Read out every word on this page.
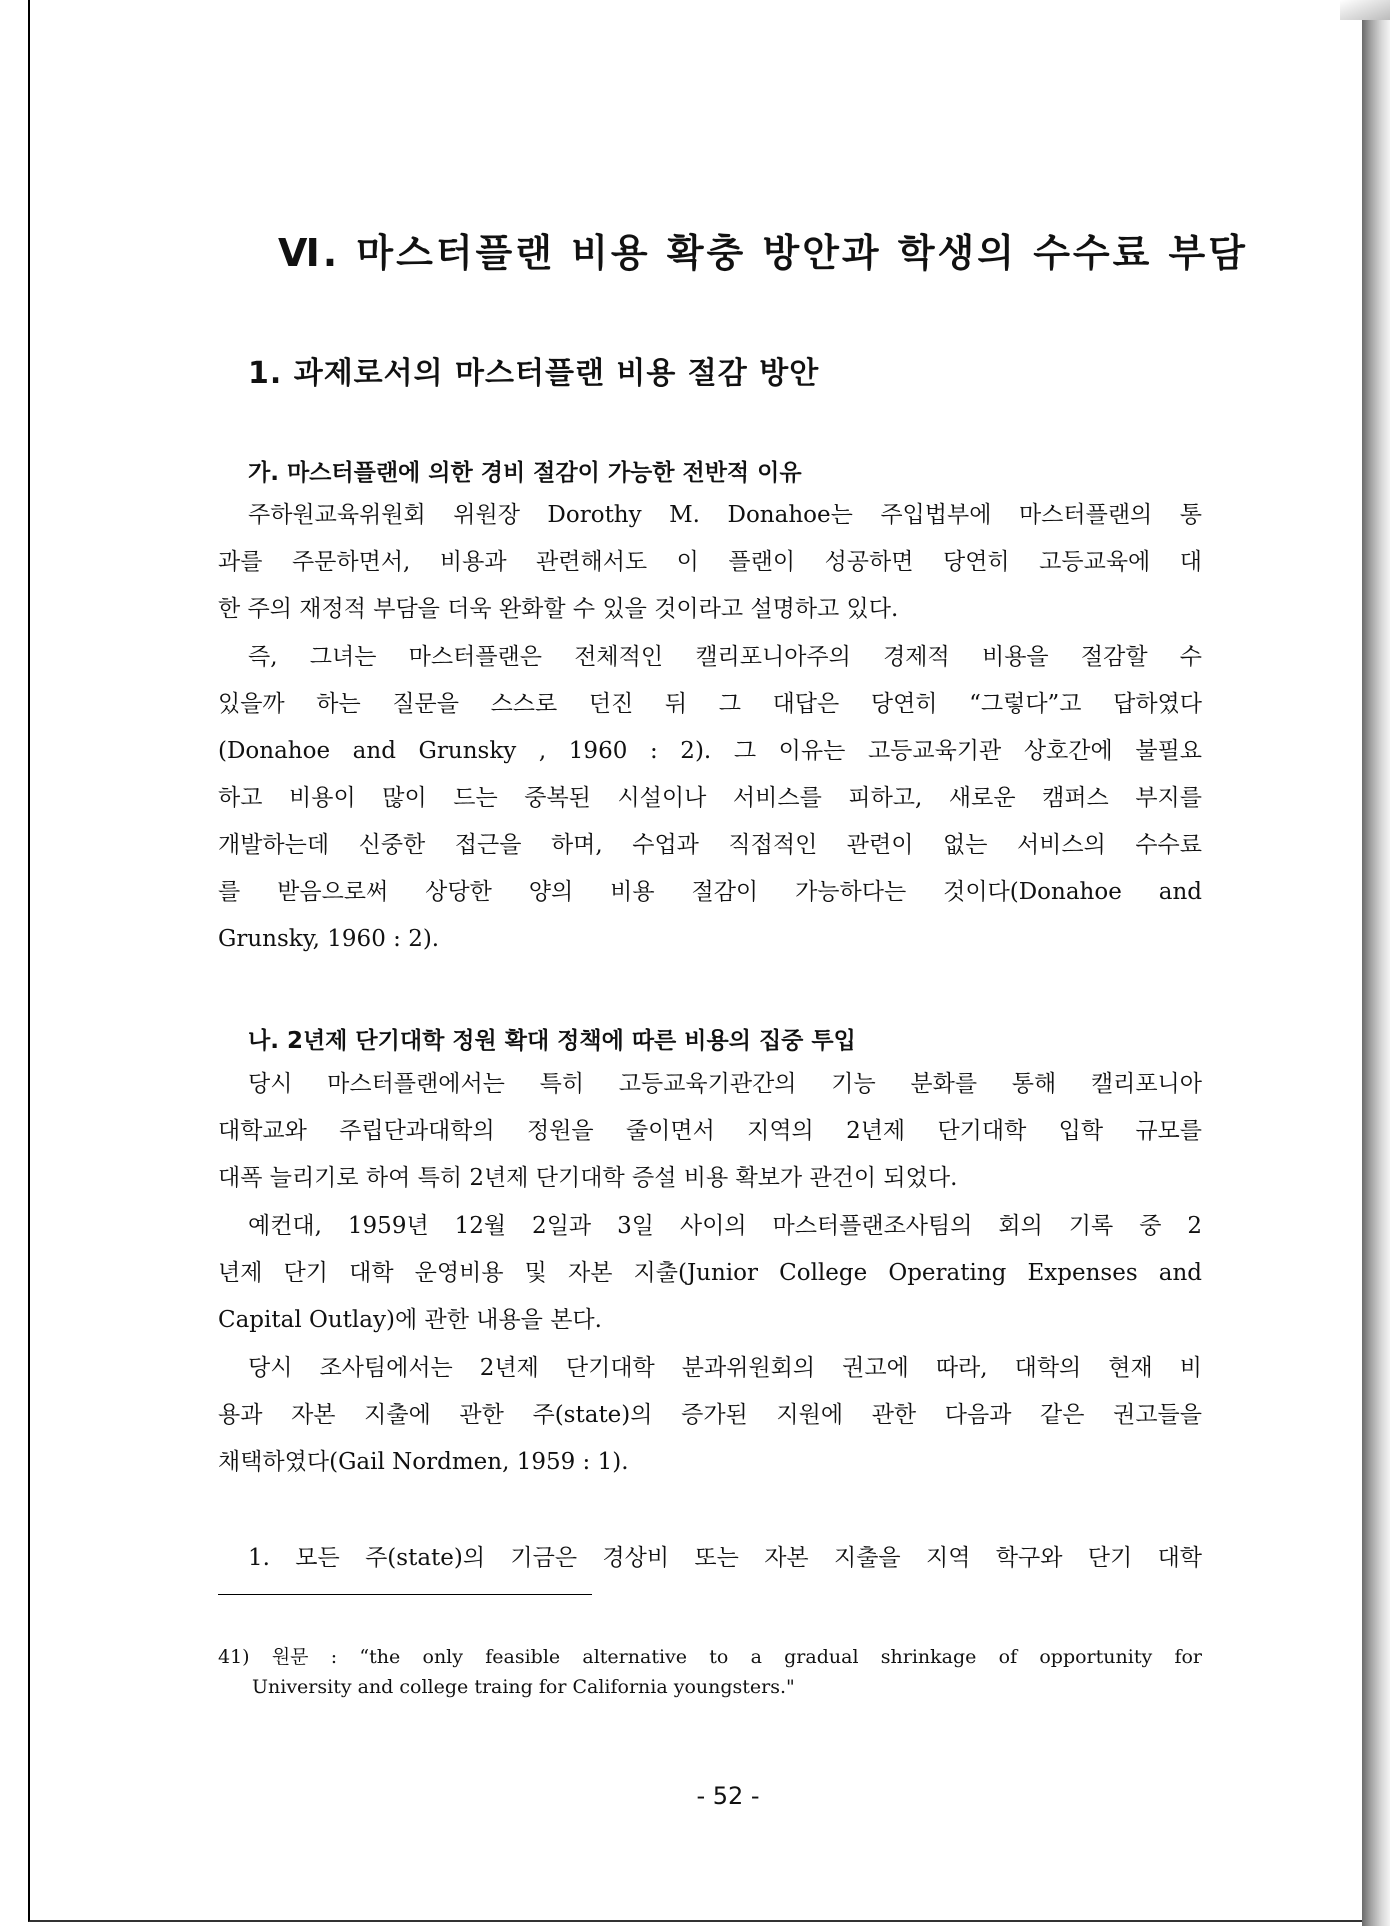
Ⅵ. 마스터플랜 비용 확충 방안과 학생의 수수료 부담
1. 과제로서의 마스터플랜 비용 절감 방안
가. 마스터플랜에 의한 경비 절감이 가능한 전반적 이유
주하원교육위원회 위원장 Dorothy M. Donahoe는 주입법부에 마스터플랜의 통
과를 주문하면서, 비용과 관련해서도 이 플랜이 성공하면 당연히 고등교육에 대
한 주의 재정적 부담을 더욱 완화할 수 있을 것이라고 설명하고 있다.
즉, 그녀는 마스터플랜은 전체적인 캘리포니아주의 경제적 비용을 절감할 수
있을까 하는 질문을 스스로 던진 뒤 그 대답은 당연히 “그렇다”고 답하였다
(Donahoe and Grunsky , 1960 : 2). 그 이유는 고등교육기관 상호간에 불필요
하고 비용이 많이 드는 중복된 시설이나 서비스를 피하고, 새로운 캠퍼스 부지를
개발하는데 신중한 접근을 하며, 수업과 직접적인 관련이 없는 서비스의 수수료
를 받음으로써 상당한 양의 비용 절감이 가능하다는 것이다(Donahoe and
Grunsky, 1960 : 2).
나. 2년제 단기대학 정원 확대 정책에 따른 비용의 집중 투입
당시 마스터플랜에서는 특히 고등교육기관간의 기능 분화를 통해 캘리포니아
대학교와 주립단과대학의 정원을 줄이면서 지역의 2년제 단기대학 입학 규모를
대폭 늘리기로 하여 특히 2년제 단기대학 증설 비용 확보가 관건이 되었다.
예컨대, 1959년 12월 2일과 3일 사이의 마스터플랜조사팀의 회의 기록 중 2
년제 단기 대학 운영비용 및 자본 지출(Junior College Operating Expenses and
Capital Outlay)에 관한 내용을 본다.
당시 조사팀에서는 2년제 단기대학 분과위원회의 권고에 따라, 대학의 현재 비
용과 자본 지출에 관한 주(state)의 증가된 지원에 관한 다음과 같은 권고들을
채택하였다(Gail Nordmen, 1959 : 1).
1. 모든 주(state)의 기금은 경상비 또는 자본 지출을 지역 학구와 단기 대학
41) 원문 : “the only feasible alternative to a gradual shrinkage of opportunity for
University and college traing for California youngsters."
- 52 -
